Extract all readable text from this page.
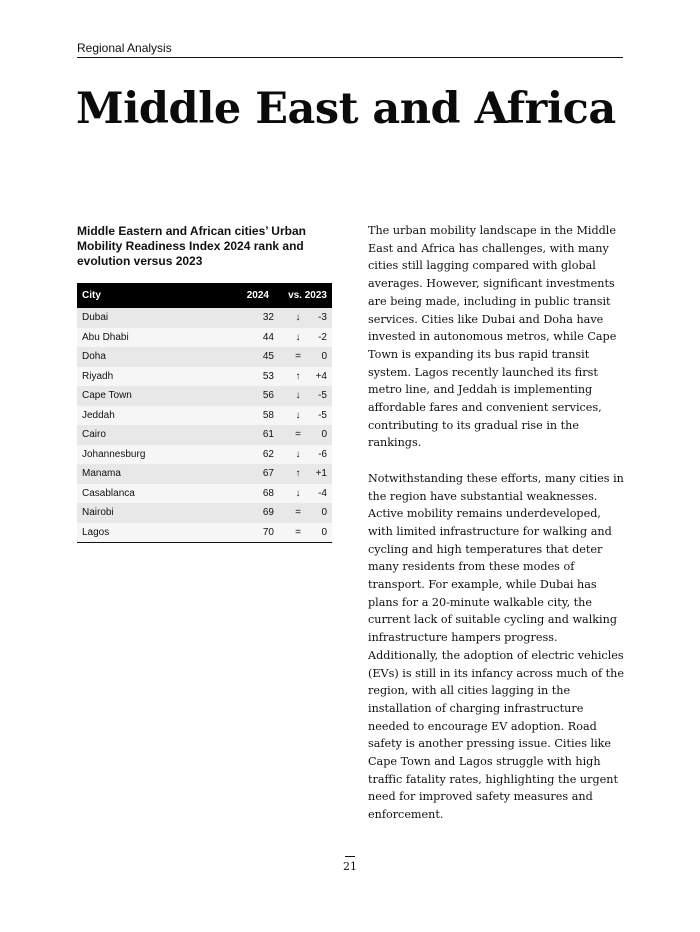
Regional Analysis
Middle East and Africa

Middle Eastern and African cities’ Urban Mobility Readiness Index 2024 rank and evolution versus 2023

City	2024	vs. 2023
Dubai	32	↓ -3
Abu Dhabi	44	↓ -2
Doha	45	= 0
Riyadh	53	↑ +4
Cape Town	56	↓ -5
Jeddah	58	↓ -5
Cairo	61	= 0
Johannesburg	62	↓ -6
Manama	67	↑ +1
Casablanca	68	↓ -4
Nairobi	69	= 0
Lagos	70	= 0

The urban mobility landscape in the Middle East and Africa has challenges, with many cities still lagging compared with global averages. However, significant investments are being made, including in public transit services. Cities like Dubai and Doha have invested in autonomous metros, while Cape Town is expanding its bus rapid transit system. Lagos recently launched its first metro line, and Jeddah is implementing affordable fares and convenient services, contributing to its gradual rise in the rankings.

Notwithstanding these efforts, many cities in the region have substantial weaknesses. Active mobility remains underdeveloped, with limited infrastructure for walking and cycling and high temperatures that deter many residents from these modes of transport. For example, while Dubai has plans for a 20-minute walkable city, the current lack of suitable cycling and walking infrastructure hampers progress. Additionally, the adoption of electric vehicles (EVs) is still in its infancy across much of the region, with all cities lagging in the installation of charging infrastructure needed to encourage EV adoption. Road safety is another pressing issue. Cities like Cape Town and Lagos struggle with high traffic fatality rates, highlighting the urgent need for improved safety measures and enforcement.

21
